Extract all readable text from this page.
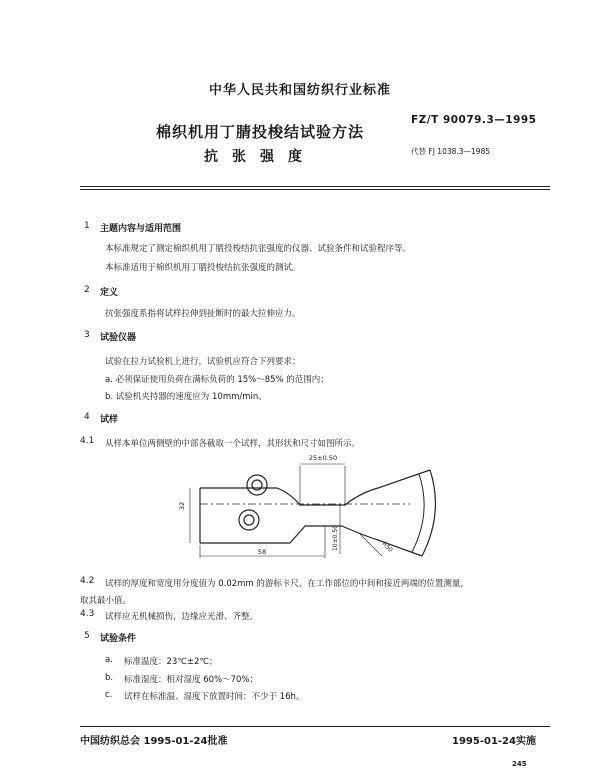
中华人民共和国纺织行业标准
棉织机用丁腈投梭结试验方法
抗张强度
FZ/T 90079.3—1995
代替 FJ 1038.3—1985
1 主题内容与适用范围
本标准规定了测定棉织机用丁腈投梭结抗张强度的仪器、试验条件和试验程序等。
本标准适用于棉织机用丁腈投梭结抗张强度的测试。
2 定义
抗张强度系指将试样拉伸到扯断时的最大拉伸应力。
3 试验仪器
试验在拉力试验机上进行，试验机应符合下列要求：
a. 必须保证使用负荷在满标负荷的 15%～85% 的范围内；
b. 试验机夹持器的速度应为 10mm/min。
4 试样
4.1 从样本单位两侧壁的中部各截取一个试样，其形状和尺寸如图所示。
25±0.50
32
58
10±0.50	R50
4.2 试样的厚度和宽度用分度值为 0.02mm 的游标卡尺，在工作部位的中间和接近两端的位置测量，
取其最小值。
4.3 试样应无机械损伤，边缘应光滑、齐整。
5 试验条件
a. 标准温度：23℃±2℃；
b. 标准湿度：相对湿度 60%～70%；
c. 试样在标准温、湿度下放置时间：不少于 16h。
中国纺织总会 1995-01-24批准	1995-01-24实施
245
